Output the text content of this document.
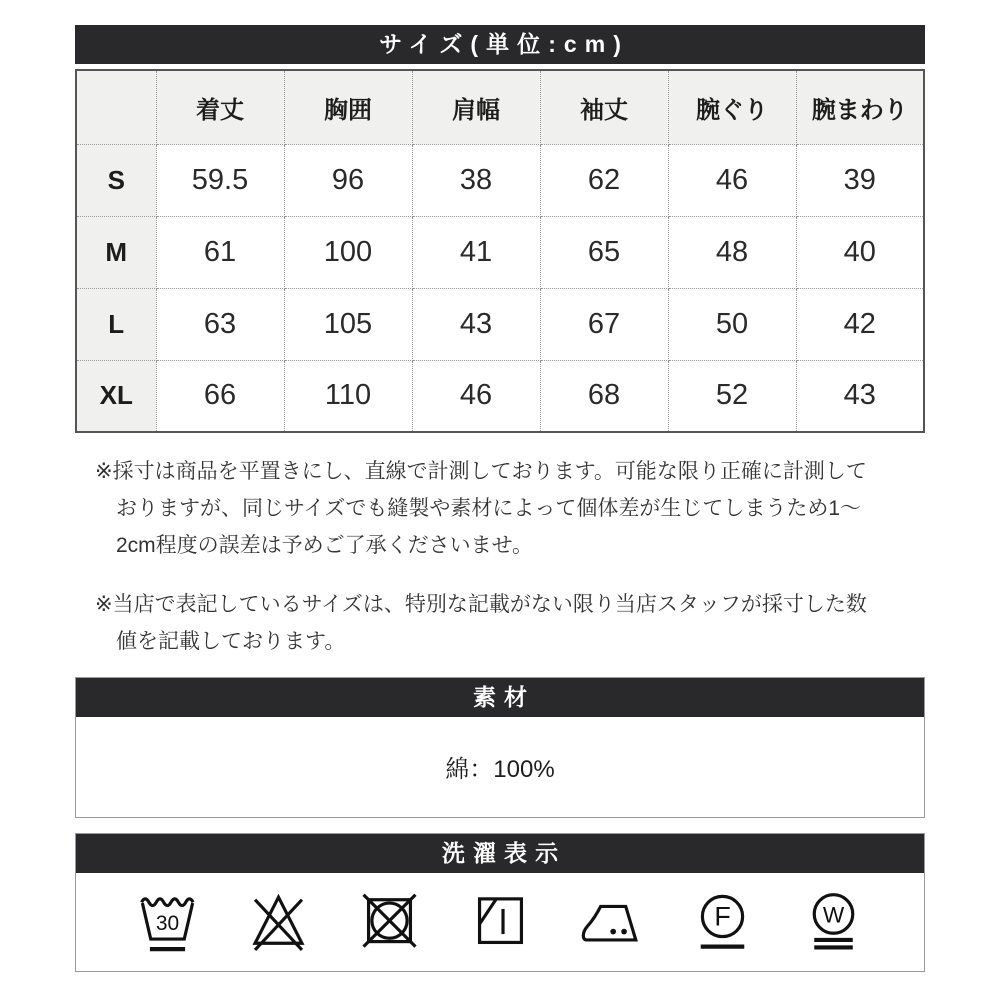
サイズ(単位:cm)
	着丈	胸囲	肩幅	袖丈	腕ぐり	腕まわり
S	59.5	96	38	62	46	39
M	61	100	41	65	48	40
L	63	105	43	67	50	42
XL	66	110	46	68	52	43

※採寸は商品を平置きにし、直線で計測しております。可能な限り正確に計測しておりますが、同じサイズでも縫製や素材によって個体差が生じてしまうため1〜2cm程度の誤差は予めご了承くださいませ。

※当店で表記しているサイズは、特別な記載がない限り当店スタッフが採寸した数値を記載しております。

素材
綿：100%
洗濯表示
30	F	W
